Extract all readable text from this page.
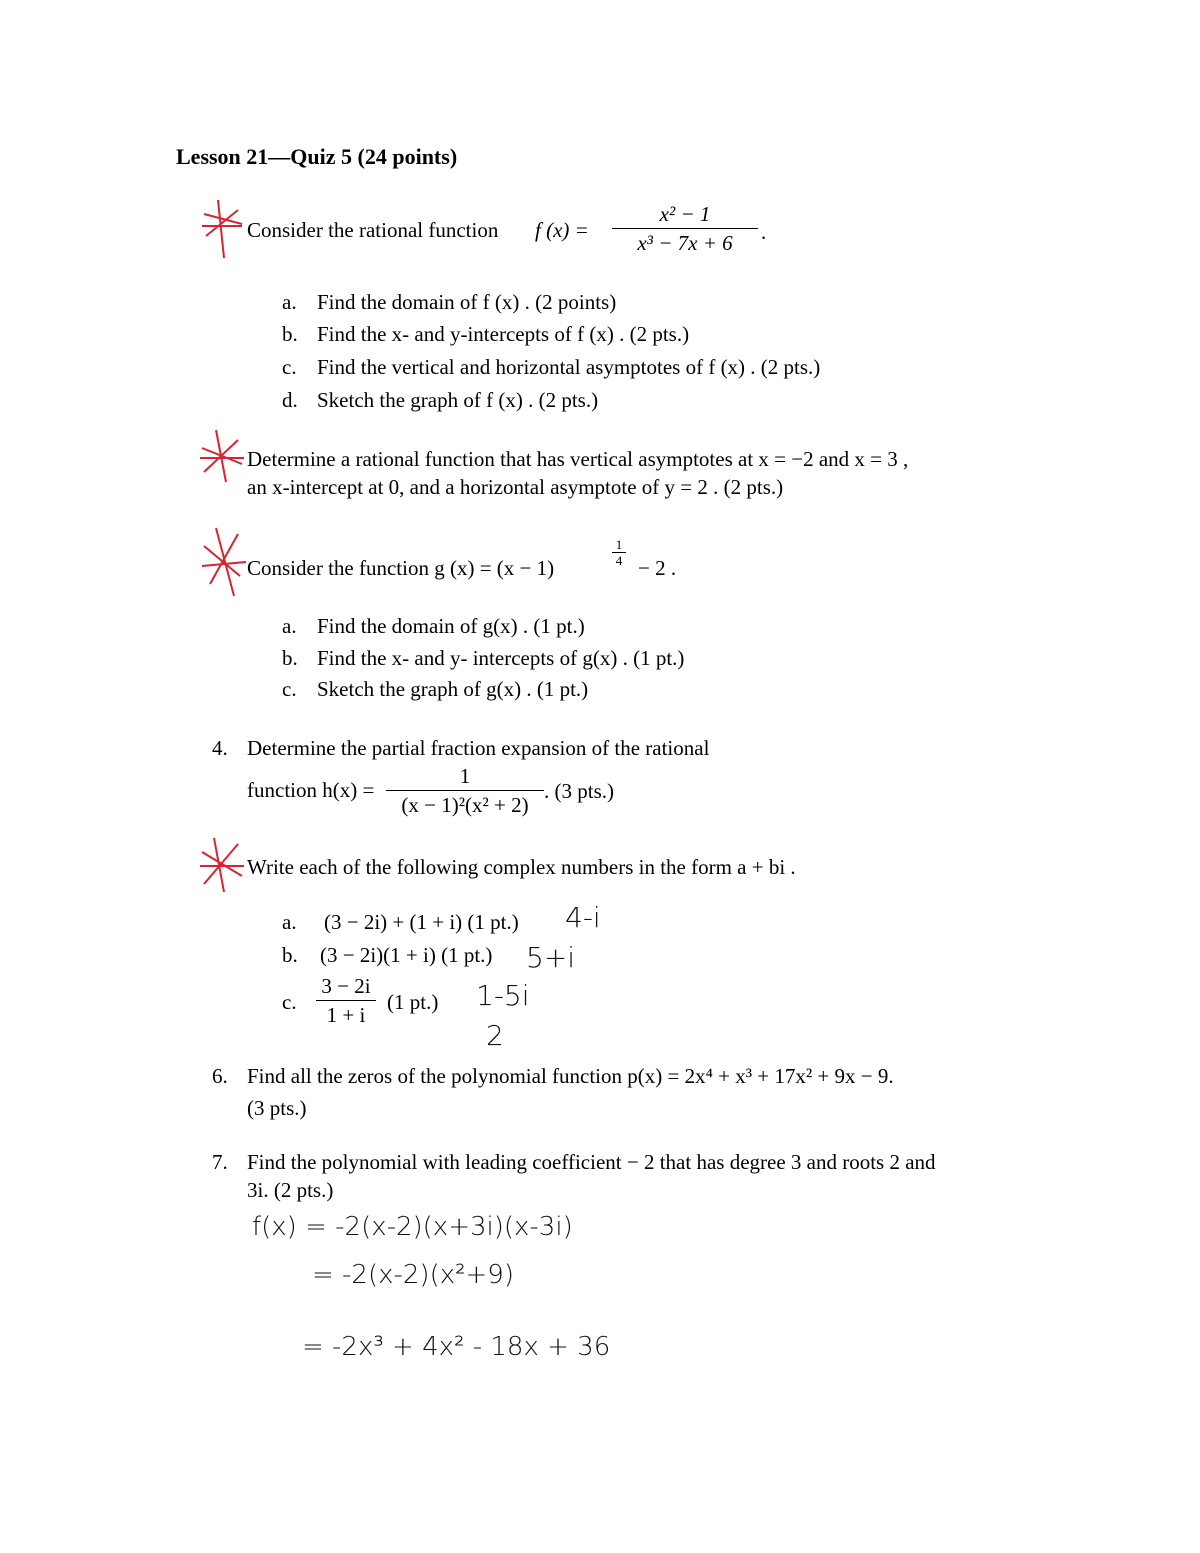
Lesson 21—Quiz 5 (24 points)
Consider the rational function f (x) =
x² − 1
x³ − 7x + 6	.
a. Find the domain of f (x) . (2 points)
b. Find the x- and y-intercepts of f (x) . (2 pts.)
c. Find the vertical and horizontal asymptotes of f (x) . (2 pts.)
d. Sketch the graph of f (x) . (2 pts.)
Determine a rational function that has vertical asymptotes at x = −2 and x = 3 ,
an x-intercept at 0, and a horizontal asymptote of y = 2 . (2 pts.)
Consider the function g (x) = (x − 1)
1
4 − 2 .
a. Find the domain of g(x) . (1 pt.)
b. Find the x- and y- intercepts of g(x) . (1 pt.)
c. Sketch the graph of g(x) . (1 pt.)
4. Determine the partial fraction expansion of the rational
function h(x) =
1
(x − 1)²(x² + 2)
. (3 pts.)
Write each of the following complex numbers in the form a + bi .
a. (3 − 2i) + (1 + i) (1 pt.) 4-i
b. (3 − 2i)(1 + i) (1 pt.) 5+i
c.
3 − 2i
1 + i
(1 pt.) 1-5i
2
6. Find all the zeros of the polynomial function p(x) = 2x⁴ + x³ + 17x² + 9x − 9.
(3 pts.)
7. Find the polynomial with leading coefficient − 2 that has degree 3 and roots 2 and
3i. (2 pts.)
f(x) = -2(x-2)(x+3i)(x-3i)
= -2(x-2)(x²+9)
= -2x³ + 4x² - 18x + 36
